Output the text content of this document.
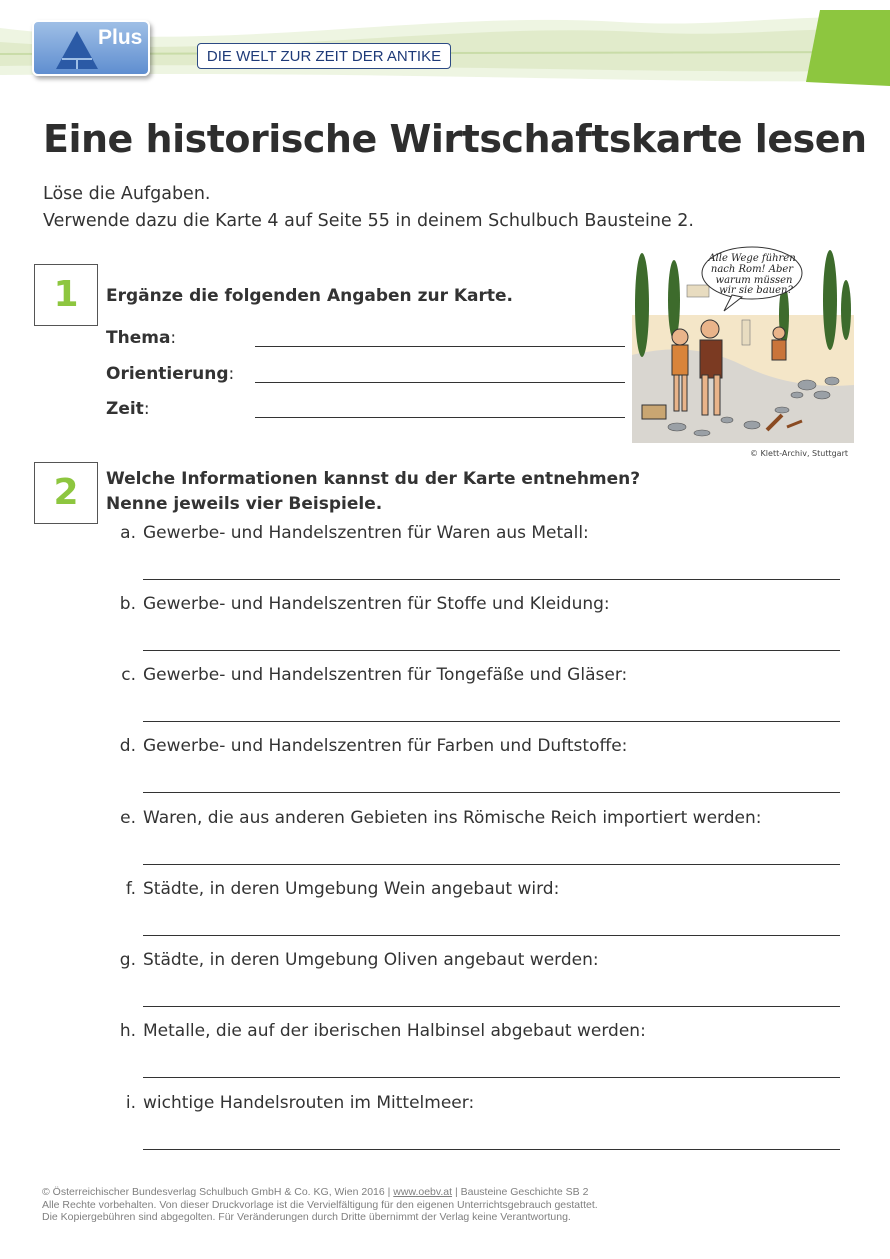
Plus
DIE WELT ZUR ZEIT DER ANTIKE
Eine historische Wirtschaftskarte lesen
Löse die Aufgaben.
Verwende dazu die Karte 4 auf Seite 55 in deinem Schulbuch Bausteine 2.
1	Ergänze die folgenden Angaben zur Karte.
Thema:
Orientierung:
Zeit:
Alle Wege führen
nach Rom! Aber
warum müssen
wir sie bauen?
© Klett-Archiv, Stuttgart
2	Welche Informationen kannst du der Karte entnehmen?
Nenne jeweils vier Beispiele.
a. Gewerbe- und Handelszentren für Waren aus Metall:
b. Gewerbe- und Handelszentren für Stoffe und Kleidung:
c. Gewerbe- und Handelszentren für Tongefäße und Gläser:
d. Gewerbe- und Handelszentren für Farben und Duftstoffe:
e. Waren, die aus anderen Gebieten ins Römische Reich importiert werden:
f. Städte, in deren Umgebung Wein angebaut wird:
g. Städte, in deren Umgebung Oliven angebaut werden:
h. Metalle, die auf der iberischen Halbinsel abgebaut werden:
i. wichtige Handelsrouten im Mittelmeer:
© Österreichischer Bundesverlag Schulbuch GmbH & Co. KG, Wien 2016 | www.oebv.at | Bausteine Geschichte SB 2
Alle Rechte vorbehalten. Von dieser Druckvorlage ist die Vervielfältigung für den eigenen Unterrichtsgebrauch gestattet.
Die Kopiergebühren sind abgegolten. Für Veränderungen durch Dritte übernimmt der Verlag keine Verantwortung.
